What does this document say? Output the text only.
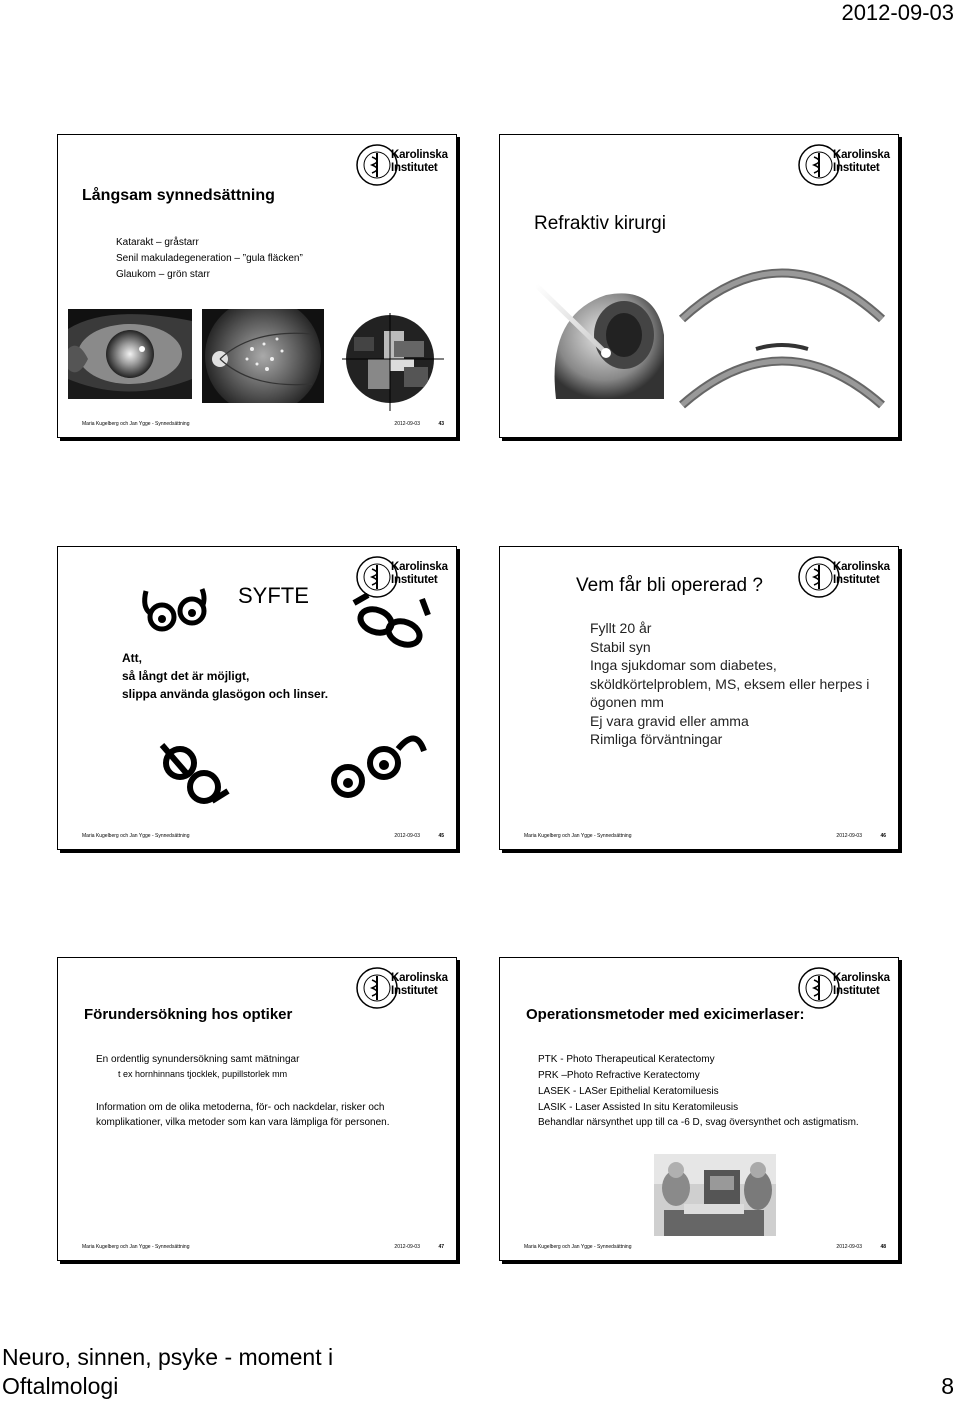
2012-09-03
Karolinska
Institutet
Långsam synnedsättning
Katarakt – gråstarr
Senil makuladegeneration – ”gula fläcken”
Glaukom – grön starr
Maria Kugelberg och Jan Ygge - Synnedsättning	2012-09-03	43
Karolinska
Institutet
Refraktiv kirurgi
Karolinska
Institutet
SYFTE
Att,
så långt det är möjligt,
slippa använda glasögon och linser.
Maria Kugelberg och Jan Ygge - Synnedsättning	2012-09-03	45
Karolinska
Institutet
Vem får bli opererad ?
Fyllt 20 år
Stabil syn
Inga sjukdomar som diabetes, sköldkörtelproblem, MS, eksem eller herpes i ögonen mm
Ej vara gravid eller amma
Rimliga förväntningar
Maria Kugelberg och Jan Ygge - Synnedsättning	2012-09-03	46
Karolinska
Institutet
Förundersökning hos optiker
En ordentlig synundersökning samt mätningar
t ex hornhinnans tjocklek, pupillstorlek mm
Information om de olika metoderna, för- och nackdelar, risker och komplikationer, vilka metoder som kan vara lämpliga för personen.
Maria Kugelberg och Jan Ygge - Synnedsättning	2012-09-03	47
Karolinska
Institutet
Operationsmetoder med exicimerlaser:
PTK - Photo Therapeutical Keratectomy
PRK –Photo Refractive Keratectomy
LASEK - LASer Epithelial Keratomiluesis
LASIK - Laser Assisted In situ Keratomileusis
Behandlar närsynthet upp till ca -6 D, svag översynthet och astigmatism.
Maria Kugelberg och Jan Ygge - Synnedsättning	2012-09-03	48
Neuro, sinnen, psyke - moment i
Oftalmologi	8
